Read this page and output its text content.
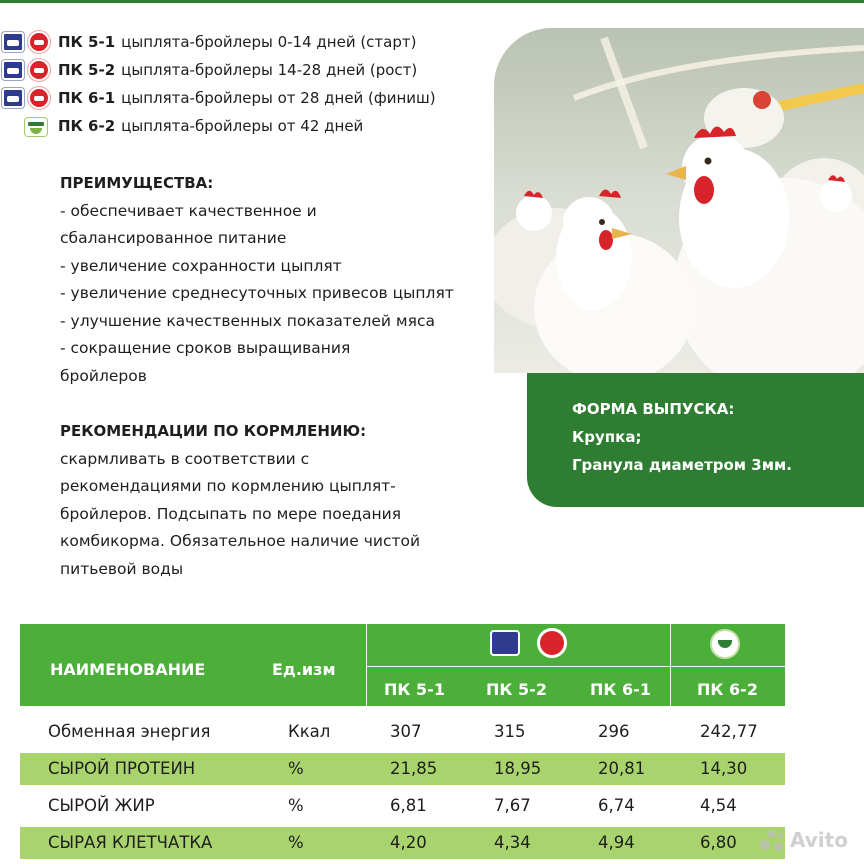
ПК 5-1 цыплята-бройлеры 0-14 дней (старт)
ПК 5-2 цыплята-бройлеры 14-28 дней (рост)
ПК 6-1 цыплята-бройлеры от 28 дней (финиш)
ПК 6-2 цыплята-бройлеры от 42 дней
ПРЕИМУЩЕСТВА:
- обеспечивает качественное и
сбалансированное питание
- увеличение сохранности цыплят
- увеличение среднесуточных привесов цыплят
- улучшение качественных показателей мяса
- сокращение сроков выращивания
бройлеров
РЕКОМЕНДАЦИИ ПО КОРМЛЕНИЮ:
скармливать в соответствии с
рекомендациями по кормлению цыплят-
бройлеров. Подсыпать по мере поедания
комбикорма. Обязательное наличие чистой
питьевой воды
ФОРМА ВЫПУСКА:
Крупка;
Гранула диаметром 3мм.
НАИМЕНОВАНИЕ	Ед.изм
ПК 5-1	ПК 5-2	ПК 6-1	ПК 6-2
Обменная энергия	Ккал	307	315	296	242,77
СЫРОЙ ПРОТЕИН	%	21,85	18,95	20,81	14,30
СЫРОЙ ЖИР	%	6,81	7,67	6,74	4,54
СЫРАЯ КЛЕТЧАТКА	%	4,20	4,34	4,94	6,80	Avito
